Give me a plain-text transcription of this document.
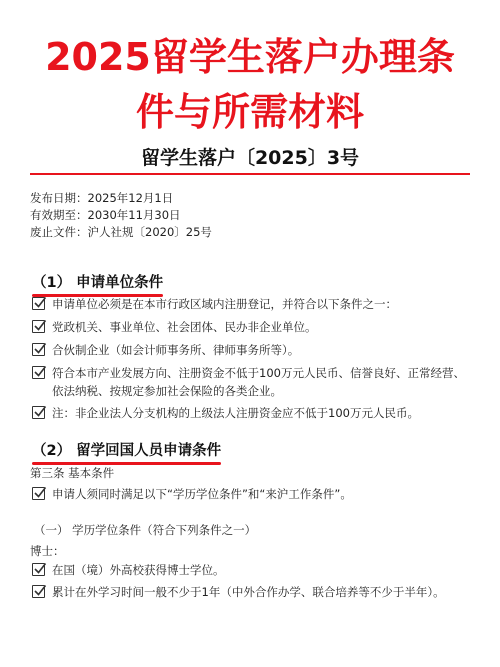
2025留学生落户办理条
件与所需材料
留学生落户〔2025〕3号
发布日期：2025年12月1日
有效期至：2030年11月30日
废止文件：沪人社规〔2020〕25号
（1） 申请单位条件
申请单位必须是在本市行政区域内注册登记，并符合以下条件之一：
党政机关、事业单位、社会团体、民办非企业单位。
合伙制企业（如会计师事务所、律师事务所等）。
符合本市产业发展方向、注册资金不低于100万元人民币、信誉良好、正常经营、依法纳税、按规定参加社会保险的各类企业。
注：非企业法人分支机构的上级法人注册资金应不低于100万元人民币。
（2） 留学回国人员申请条件
第三条 基本条件
申请人须同时满足以下“学历学位条件”和“来沪工作条件”。
（一） 学历学位条件（符合下列条件之一）
博士：
在国（境）外高校获得博士学位。
累计在外学习时间一般不少于1年（中外合作办学、联合培养等不少于半年）。
